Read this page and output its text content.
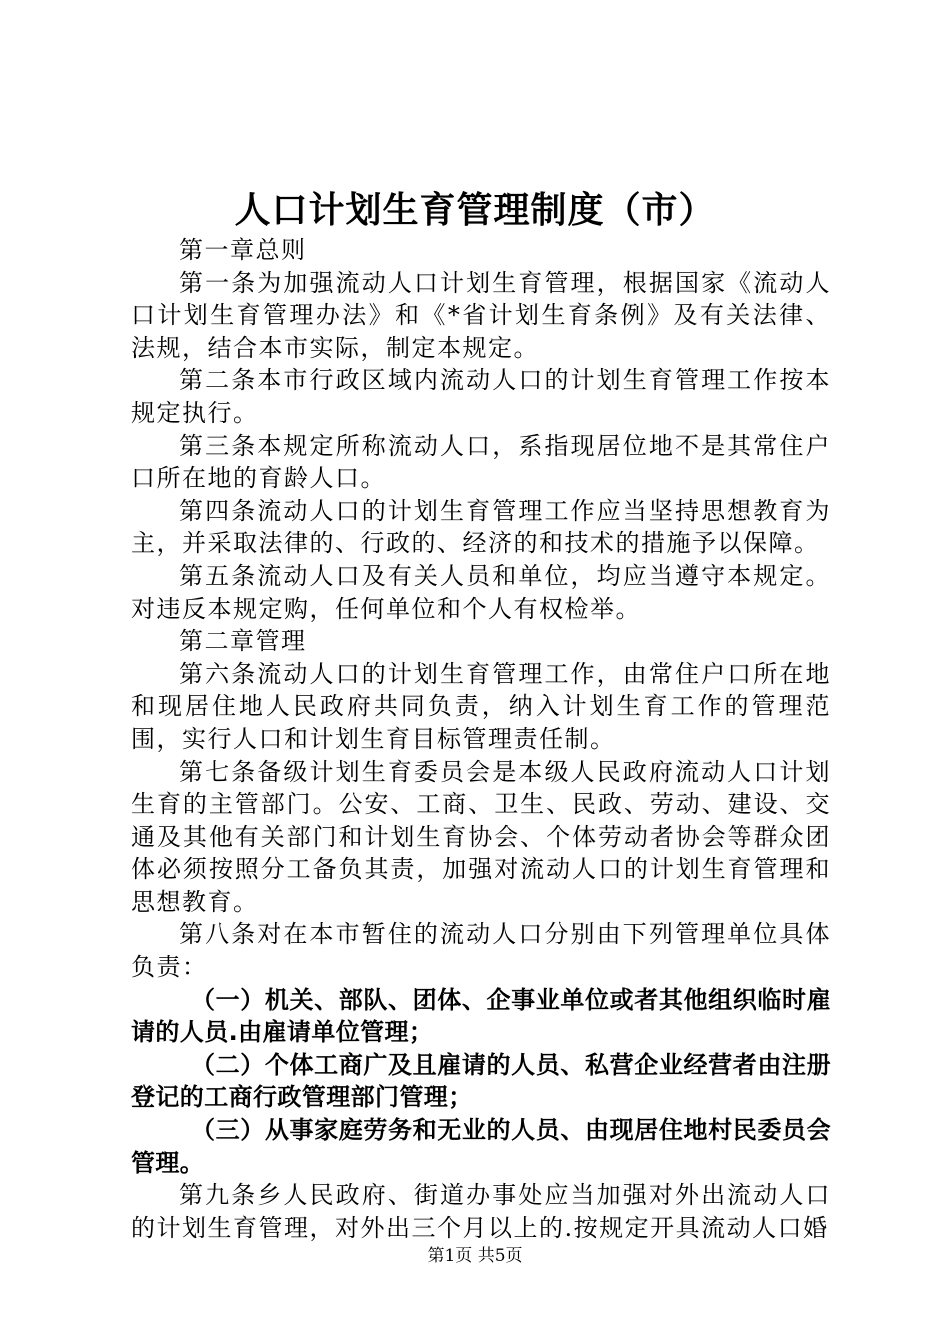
人口计划生育管理制度（市）

第一章总则

第一条为加强流动人口计划生育管理，根据国家《流动人口计划生育管理办法》和《*省计划生育条例》及有关法律、法规，结合本市实际，制定本规定。

第二条本市行政区域内流动人口的计划生育管理工作按本规定执行。

第三条本规定所称流动人口，系指现居位地不是其常住户口所在地的育龄人口。

第四条流动人口的计划生育管理工作应当坚持思想教育为主，并采取法律的、行政的、经济的和技术的措施予以保障。

第五条流动人口及有关人员和单位，均应当遵守本规定。对违反本规定购，任何单位和个人有权检举。

第二章管理

第六条流动人口的计划生育管理工作，由常住户口所在地和现居住地人民政府共同负责，纳入计划生育工作的管理范围，实行人口和计划生育目标管理责任制。

第七条备级计划生育委员会是本级人民政府流动人口计划生育的主管部门。公安、工商、卫生、民政、劳动、建设、交通及其他有关部门和计划生育协会、个体劳动者协会等群众团体必须按照分工备负其责，加强对流动人口的计划生育管理和思想教育。

第八条对在本市暂住的流动人口分别由下列管理单位具体负责：

（一）机关、部队、团体、企事业单位或者其他组织临时雇请的人员.由雇请单位管理；

（二）个体工商广及且雇请的人员、私营企业经营者由注册登记的工商行政管理部门管理；

（三）从事家庭劳务和无业的人员、由现居住地村民委员会管理。

第九条乡人民政府、街道办事处应当加强对外出流动人口的计划生育管理，对外出三个月以上的.按规定开具流动人口婚

第1页 共5页
